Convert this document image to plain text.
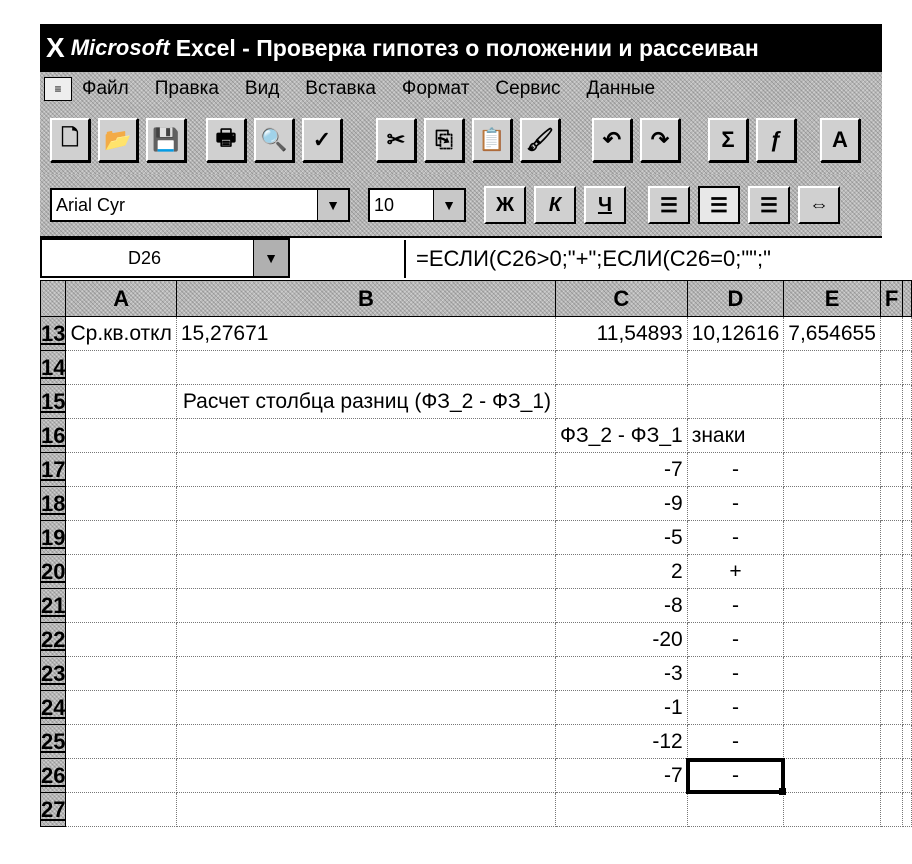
X Microsoft Excel - Проверка гипотез о положении и рассеиван
≡	Файл Правка Вид Вставка Формат Сервис Данные
🗋 📂 💾 🖶 🔍 ✓	✂ ⎘ 📋 🖌 ↶ ↷ Σ ƒ A
Arial Cyr	▼	10	▼	Ж	К	Ч	☰ ☰ ☰ ⇔
D26	▼	=ЕСЛИ(C26>0;"+";ЕСЛИ(C26=0;"";"
	A	B	C	D	E	F	
13	Ср.кв.откл	15,27671	11,54893	10,12616	7,654655		
14							
15		Расчет столбца разниц (ФЗ_2 - ФЗ_1)					
16			ФЗ_2 - ФЗ_1	знаки			
17			-7	-			
18			-9	-			
19			-5	-			
20			2	+			
21			-8	-			
22			-20	-			
23			-3	-			
24			-1	-			
25			-12	-			
26			-7	-

27							
